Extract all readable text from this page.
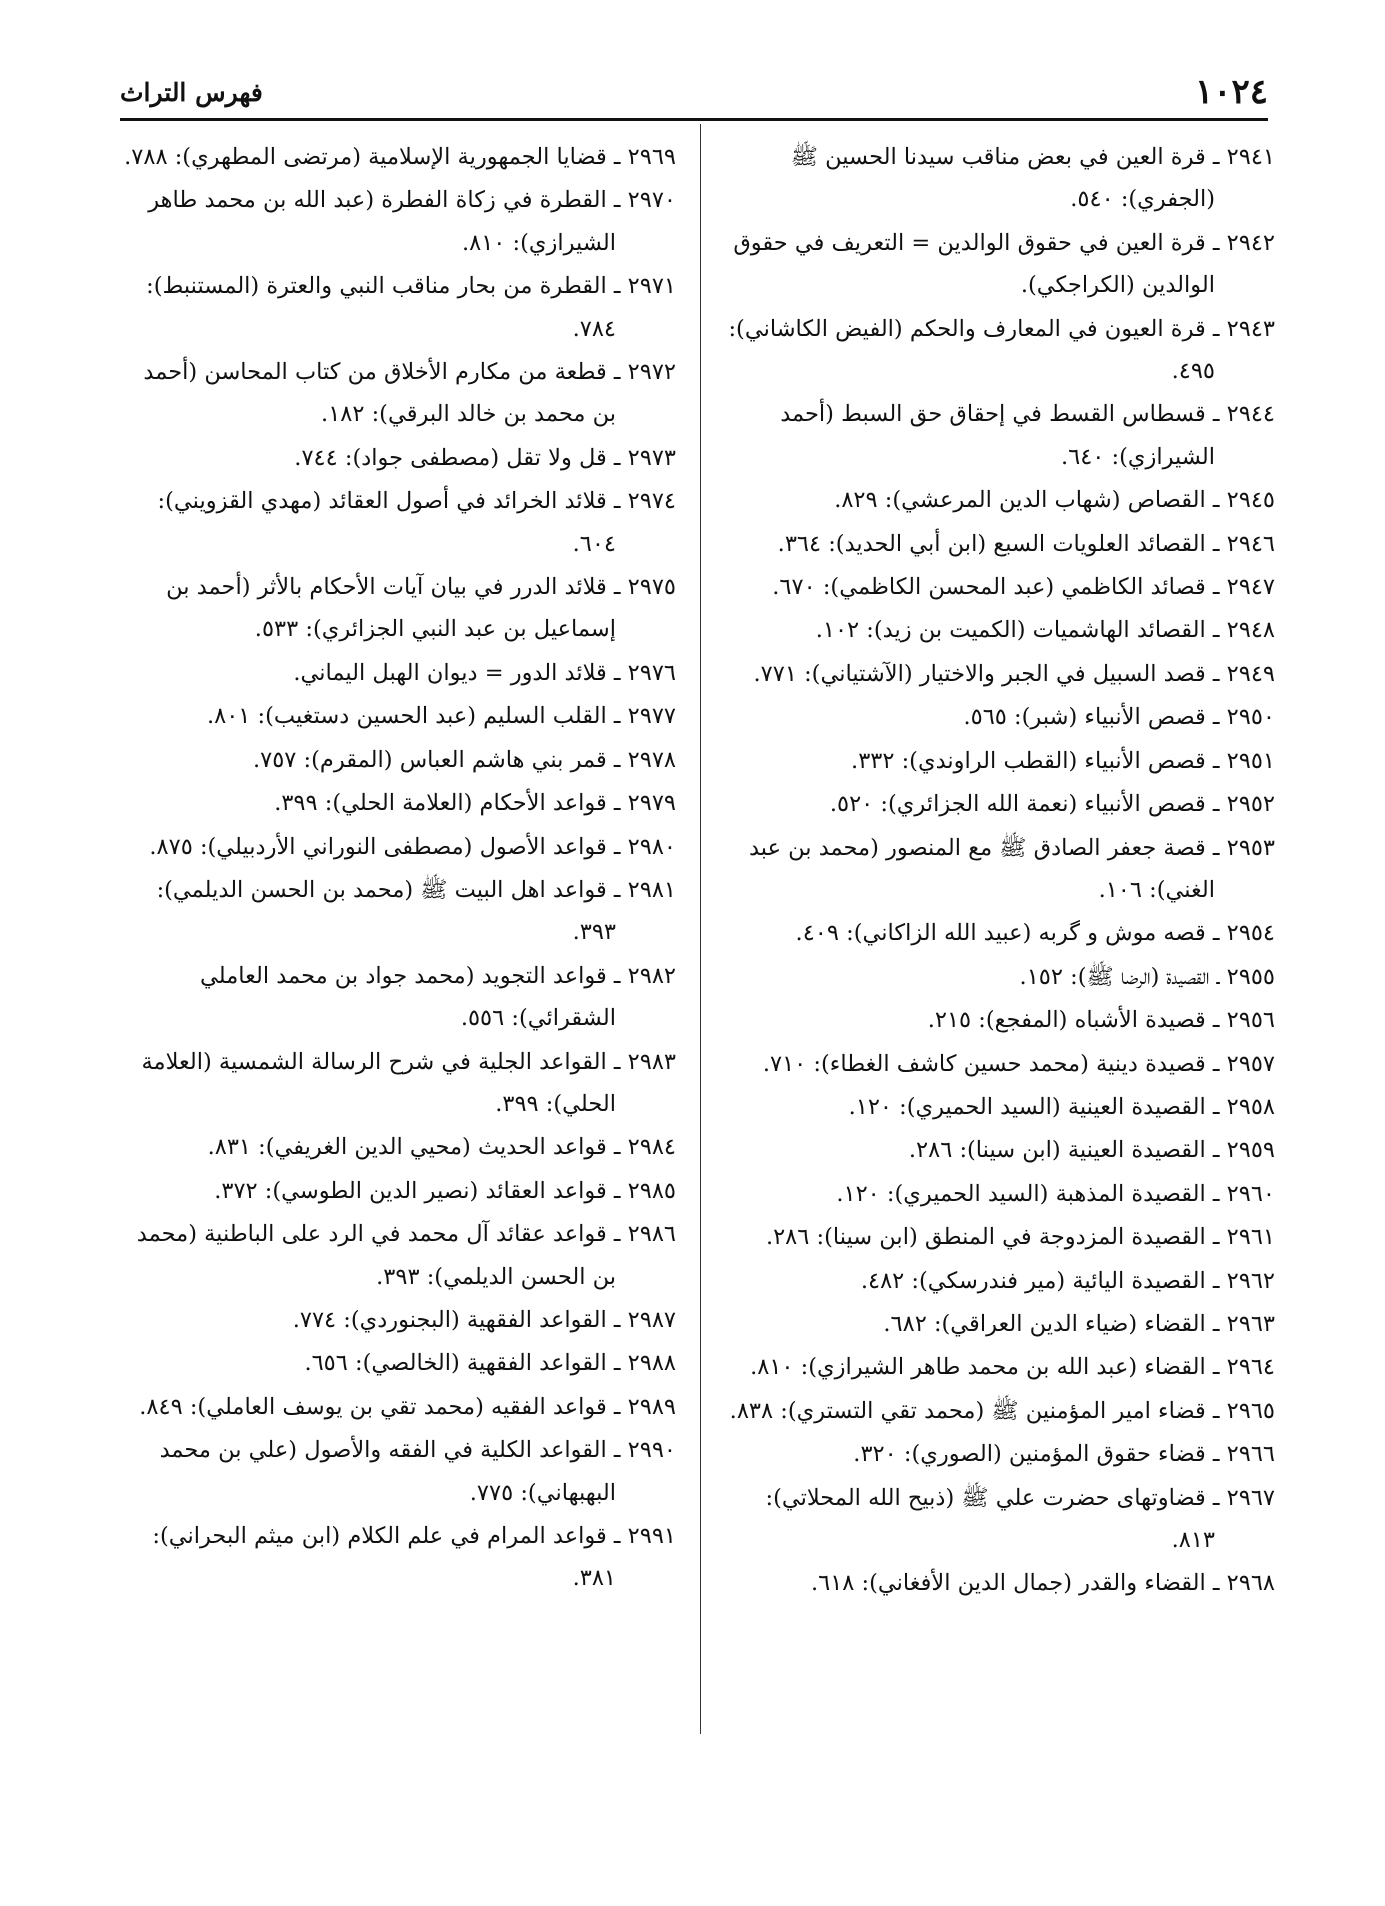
١٠٢٤
فهرس التراث
٢٩٤١ ـ قرة العين في بعض مناقب سيدنا الحسين ﷺ (الجفري): ٥٤٠.
٢٩٤٢ ـ قرة العين في حقوق الوالدين = التعريف في حقوق الوالدين (الكراجكي).
٢٩٤٣ ـ قرة العيون في المعارف والحكم (الفيض الكاشاني): ٤٩٥.
٢٩٤٤ ـ قسطاس القسط في إحقاق حق السبط (أحمد الشيرازي): ٦٤٠.
٢٩٤٥ ـ القصاص (شهاب الدين المرعشي): ٨٢٩.
٢٩٤٦ ـ القصائد العلويات السبع (ابن أبي الحديد): ٣٦٤.
٢٩٤٧ ـ قصائد الكاظمي (عبد المحسن الكاظمي): ٦٧٠.
٢٩٤٨ ـ القصائد الهاشميات (الكميت بن زيد): ١٠٢.
٢٩٤٩ ـ قصد السبيل في الجبر والاختيار (الآشتياني): ٧٧١.
٢٩٥٠ ـ قصص الأنبياء (شبر): ٥٦٥.
٢٩٥١ ـ قصص الأنبياء (القطب الراوندي): ٣٣٢.
٢٩٥٢ ـ قصص الأنبياء (نعمة الله الجزائري): ٥٢٠.
٢٩٥٣ ـ قصة جعفر الصادق ﷺ مع المنصور (محمد بن عبد الغني): ١٠٦.
٢٩٥٤ ـ قصه موش و گربه (عبيد الله الزاكاني): ٤٠٩.
٢٩٥٥ ـ القصيدة (الرضا ﷺ): ١٥٢.
٢٩٥٦ ـ قصيدة الأشباه (المفجع): ٢١٥.
٢٩٥٧ ـ قصيدة دينية (محمد حسين كاشف الغطاء): ٧١٠.
٢٩٥٨ ـ القصيدة العينية (السيد الحميري): ١٢٠.
٢٩٥٩ ـ القصيدة العينية (ابن سينا): ٢٨٦.
٢٩٦٠ ـ القصيدة المذهبة (السيد الحميري): ١٢٠.
٢٩٦١ ـ القصيدة المزدوجة في المنطق (ابن سينا): ٢٨٦.
٢٩٦٢ ـ القصيدة اليائية (مير فندرسكي): ٤٨٢.
٢٩٦٣ ـ القضاء (ضياء الدين العراقي): ٦٨٢.
٢٩٦٤ ـ القضاء (عبد الله بن محمد طاهر الشيرازي): ٨١٠.
٢٩٦٥ ـ قضاء امير المؤمنين ﷺ (محمد تقي التستري): ٨٣٨.
٢٩٦٦ ـ قضاء حقوق المؤمنين (الصوري): ٣٢٠.
٢٩٦٧ ـ قضاوتهاى حضرت علي ﷺ (ذبيح الله المحلاتي): ٨١٣.
٢٩٦٨ ـ القضاء والقدر (جمال الدين الأفغاني): ٦١٨.
٢٩٦٩ ـ قضايا الجمهورية الإسلامية (مرتضى المطهري): ٧٨٨.
٢٩٧٠ ـ القطرة في زكاة الفطرة (عبد الله بن محمد طاهر الشيرازي): ٨١٠.
٢٩٧١ ـ القطرة من بحار مناقب النبي والعترة (المستنبط): ٧٨٤.
٢٩٧٢ ـ قطعة من مكارم الأخلاق من كتاب المحاسن (أحمد بن محمد بن خالد البرقي): ١٨٢.
٢٩٧٣ ـ قل ولا تقل (مصطفى جواد): ٧٤٤.
٢٩٧٤ ـ قلائد الخرائد في أصول العقائد (مهدي القزويني): ٦٠٤.
٢٩٧٥ ـ قلائد الدرر في بيان آيات الأحكام بالأثر (أحمد بن إسماعيل بن عبد النبي الجزائري): ٥٣٣.
٢٩٧٦ ـ قلائد الدور = ديوان الهبل اليماني.
٢٩٧٧ ـ القلب السليم (عبد الحسين دستغيب): ٨٠١.
٢٩٧٨ ـ قمر بني هاشم العباس (المقرم): ٧٥٧.
٢٩٧٩ ـ قواعد الأحكام (العلامة الحلي): ٣٩٩.
٢٩٨٠ ـ قواعد الأصول (مصطفى النوراني الأردبيلي): ٨٧٥.
٢٩٨١ ـ قواعد اهل البيت ﷺ (محمد بن الحسن الديلمي): ٣٩٣.
٢٩٨٢ ـ قواعد التجويد (محمد جواد بن محمد العاملي الشقرائي): ٥٥٦.
٢٩٨٣ ـ القواعد الجلية في شرح الرسالة الشمسية (العلامة الحلي): ٣٩٩.
٢٩٨٤ ـ قواعد الحديث (محيي الدين الغريفي): ٨٣١.
٢٩٨٥ ـ قواعد العقائد (نصير الدين الطوسي): ٣٧٢.
٢٩٨٦ ـ قواعد عقائد آل محمد في الرد على الباطنية (محمد بن الحسن الديلمي): ٣٩٣.
٢٩٨٧ ـ القواعد الفقهية (البجنوردي): ٧٧٤.
٢٩٨٨ ـ القواعد الفقهية (الخالصي): ٦٥٦.
٢٩٨٩ ـ قواعد الفقيه (محمد تقي بن يوسف العاملي): ٨٤٩.
٢٩٩٠ ـ القواعد الكلية في الفقه والأصول (علي بن محمد البهبهاني): ٧٧٥.
٢٩٩١ ـ قواعد المرام في علم الكلام (ابن ميثم البحراني): ٣٨١.
